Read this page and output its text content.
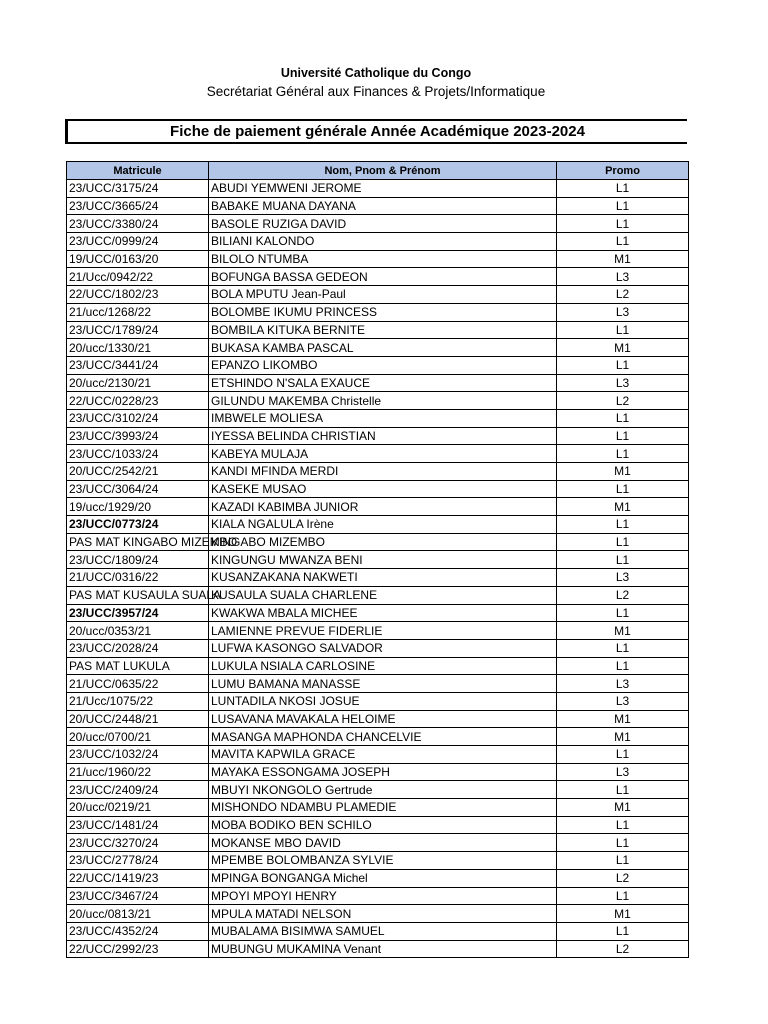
Université Catholique du Congo
Secrétariat Général aux Finances & Projets/Informatique
Fiche de paiement générale Année Académique 2023-2024
Matricule	Nom, Pnom & Prénom	Promo
23/UCC/3175/24	ABUDI YEMWENI JEROME	L1
23/UCC/3665/24	BABAKE MUANA DAYANA	L1
23/UCC/3380/24	BASOLE RUZIGA DAVID	L1
23/UCC/0999/24	BILIANI KALONDO	L1
19/UCC/0163/20	BILOLO NTUMBA	M1
21/Ucc/0942/22	BOFUNGA BASSA GEDEON	L3
22/UCC/1802/23	BOLA MPUTU Jean-Paul	L2
21/ucc/1268/22	BOLOMBE IKUMU PRINCESS	L3
23/UCC/1789/24	BOMBILA KITUKA BERNITE	L1
20/ucc/1330/21	BUKASA KAMBA PASCAL	M1
23/UCC/3441/24	EPANZO LIKOMBO	L1
20/ucc/2130/21	ETSHINDO N'SALA EXAUCE	L3
22/UCC/0228/23	GILUNDU MAKEMBA Christelle	L2
23/UCC/3102/24	IMBWELE MOLIESA	L1
23/UCC/3993/24	IYESSA BELINDA CHRISTIAN	L1
23/UCC/1033/24	KABEYA MULAJA	L1
20/UCC/2542/21	KANDI MFINDA MERDI	M1
23/UCC/3064/24	KASEKE MUSAO	L1
19/ucc/1929/20	KAZADI KABIMBA JUNIOR	M1
23/UCC/0773/24	KIALA NGALULA Irène	L1
PAS MAT KINGABO MIZEMBO	KINGABO MIZEMBO	L1
23/UCC/1809/24	KINGUNGU MWANZA BENI	L1
21/UCC/0316/22	KUSANZAKANA NAKWETI	L3
PAS MAT KUSAULA SUALA	KUSAULA SUALA CHARLENE	L2
23/UCC/3957/24	KWAKWA MBALA MICHEE	L1
20/ucc/0353/21	LAMIENNE PREVUE FIDERLIE	M1
23/UCC/2028/24	LUFWA KASONGO SALVADOR	L1
PAS MAT LUKULA	LUKULA NSIALA CARLOSINE	L1
21/UCC/0635/22	LUMU BAMANA MANASSE	L3
21/Ucc/1075/22	LUNTADILA NKOSI JOSUE	L3
20/UCC/2448/21	LUSAVANA MAVAKALA HELOIME	M1
20/ucc/0700/21	MASANGA MAPHONDA CHANCELVIE	M1
23/UCC/1032/24	MAVITA KAPWILA GRACE	L1
21/ucc/1960/22	MAYAKA ESSONGAMA JOSEPH	L3
23/UCC/2409/24	MBUYI NKONGOLO Gertrude	L1
20/ucc/0219/21	MISHONDO NDAMBU PLAMEDIE	M1
23/UCC/1481/24	MOBA BODIKO BEN SCHILO	L1
23/UCC/3270/24	MOKANSE MBO DAVID	L1
23/UCC/2778/24	MPEMBE BOLOMBANZA SYLVIE	L1
22/UCC/1419/23	MPINGA BONGANGA Michel	L2
23/UCC/3467/24	MPOYI MPOYI HENRY	L1
20/ucc/0813/21	MPULA MATADI NELSON	M1
23/UCC/4352/24	MUBALAMA BISIMWA SAMUEL	L1
22/UCC/2992/23	MUBUNGU MUKAMINA Venant	L2
